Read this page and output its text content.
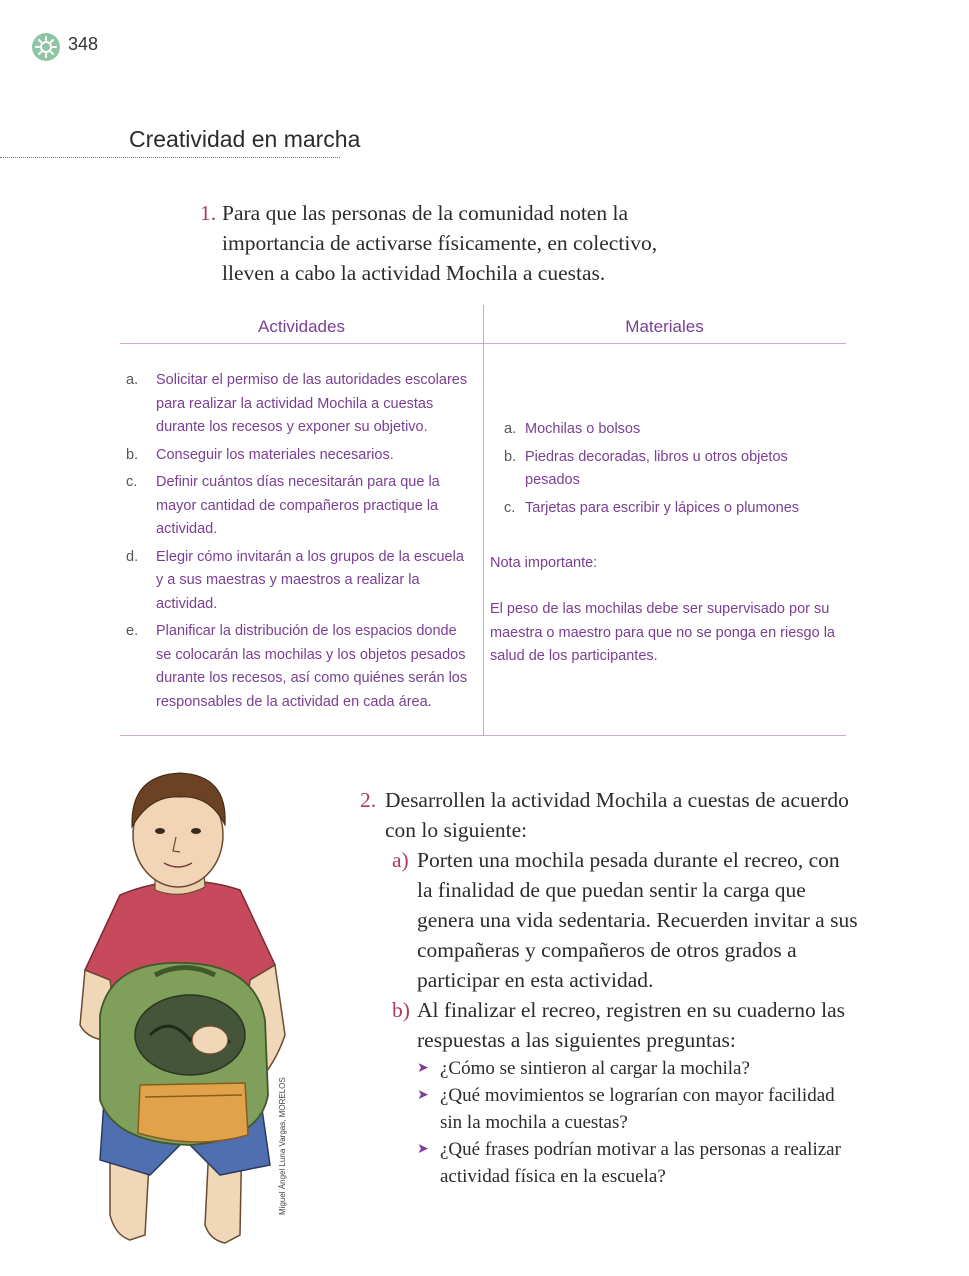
348
Creatividad en marcha
1. Para que las personas de la comunidad noten la importancia de activarse físicamente, en colectivo, lleven a cabo la actividad Mochila a cuestas.
Actividades	Materiales
a. Solicitar el permiso de las autoridades escolares para realizar la actividad Mochila a cuestas durante los recesos y exponer su objetivo.
b. Conseguir los materiales necesarios.
c. Definir cuántos días necesitarán para que la mayor cantidad de compañeros practique la actividad.
d. Elegir cómo invitarán a los grupos de la escuela y a sus maestras y maestros a realizar la actividad.
e. Planificar la distribución de los espacios donde se colocarán las mochilas y los objetos pesados durante los recesos, así como quiénes serán los responsables de la actividad en cada área.
a. Mochilas o bolsos
b. Piedras decoradas, libros u otros objetos pesados
c. Tarjetas para escribir y lápices o plumones
Nota importante:
El peso de las mochilas debe ser supervisado por su maestra o maestro para que no se ponga en riesgo la salud de los participantes.
Miguel Ángel Luna Vargas, MORELOS
2. Desarrollen la actividad Mochila a cuestas de acuerdo con lo siguiente:
a) Porten una mochila pesada durante el recreo, con la finalidad de que puedan sentir la carga que genera una vida sedentaria. Recuerden invitar a sus compañeras y compañeros de otros grados a participar en esta actividad.
b) Al finalizar el recreo, registren en su cuaderno las respuestas a las siguientes preguntas:
➤ ¿Cómo se sintieron al cargar la mochila?
➤ ¿Qué movimientos se lograrían con mayor facilidad sin la mochila a cuestas?
➤ ¿Qué frases podrían motivar a las personas a realizar actividad física en la escuela?
